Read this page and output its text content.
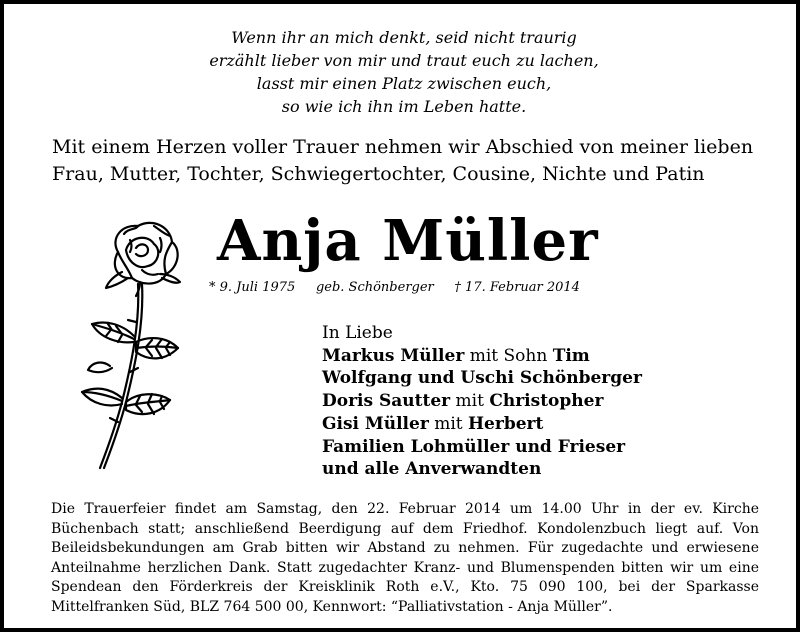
Wenn ihr an mich denkt, seid nicht traurig
erzählt lieber von mir und traut euch zu lachen,
lasst mir einen Platz zwischen euch,
so wie ich ihn im Leben hatte.
Mit einem Herzen voller Trauer nehmen wir Abschied von meiner lieben
Frau, Mutter, Tochter, Schwiegertochter, Cousine, Nichte und Patin
Anja Müller
* 9. Juli 1975     geb. Schönberger     † 17. Februar 2014
In Liebe
Markus Müller mit Sohn Tim
Wolfgang und Uschi Schönberger
Doris Sautter mit Christopher
Gisi Müller mit Herbert
Familien Lohmüller und Frieser
und alle Anverwandten
Die Trauerfeier findet am Samstag, den 22. Februar 2014 um 14.00 Uhr in der ev. Kirche Büchenbach statt; anschließend Beerdigung auf dem Friedhof. Kondolenzbuch liegt auf. Von Beileidsbekundungen am Grab bitten wir Abstand zu nehmen. Für zugedachte und erwiesene Anteilnahme herzlichen Dank. Statt zugedachter Kranz- und Blumenspenden bitten wir um eine Spendean den Förderkreis der Kreisklinik Roth e.V., Kto. 75 090 100, bei der Sparkasse Mittelfranken Süd, BLZ 764 500 00, Kennwort: “Palliativstation - Anja Müller”.
